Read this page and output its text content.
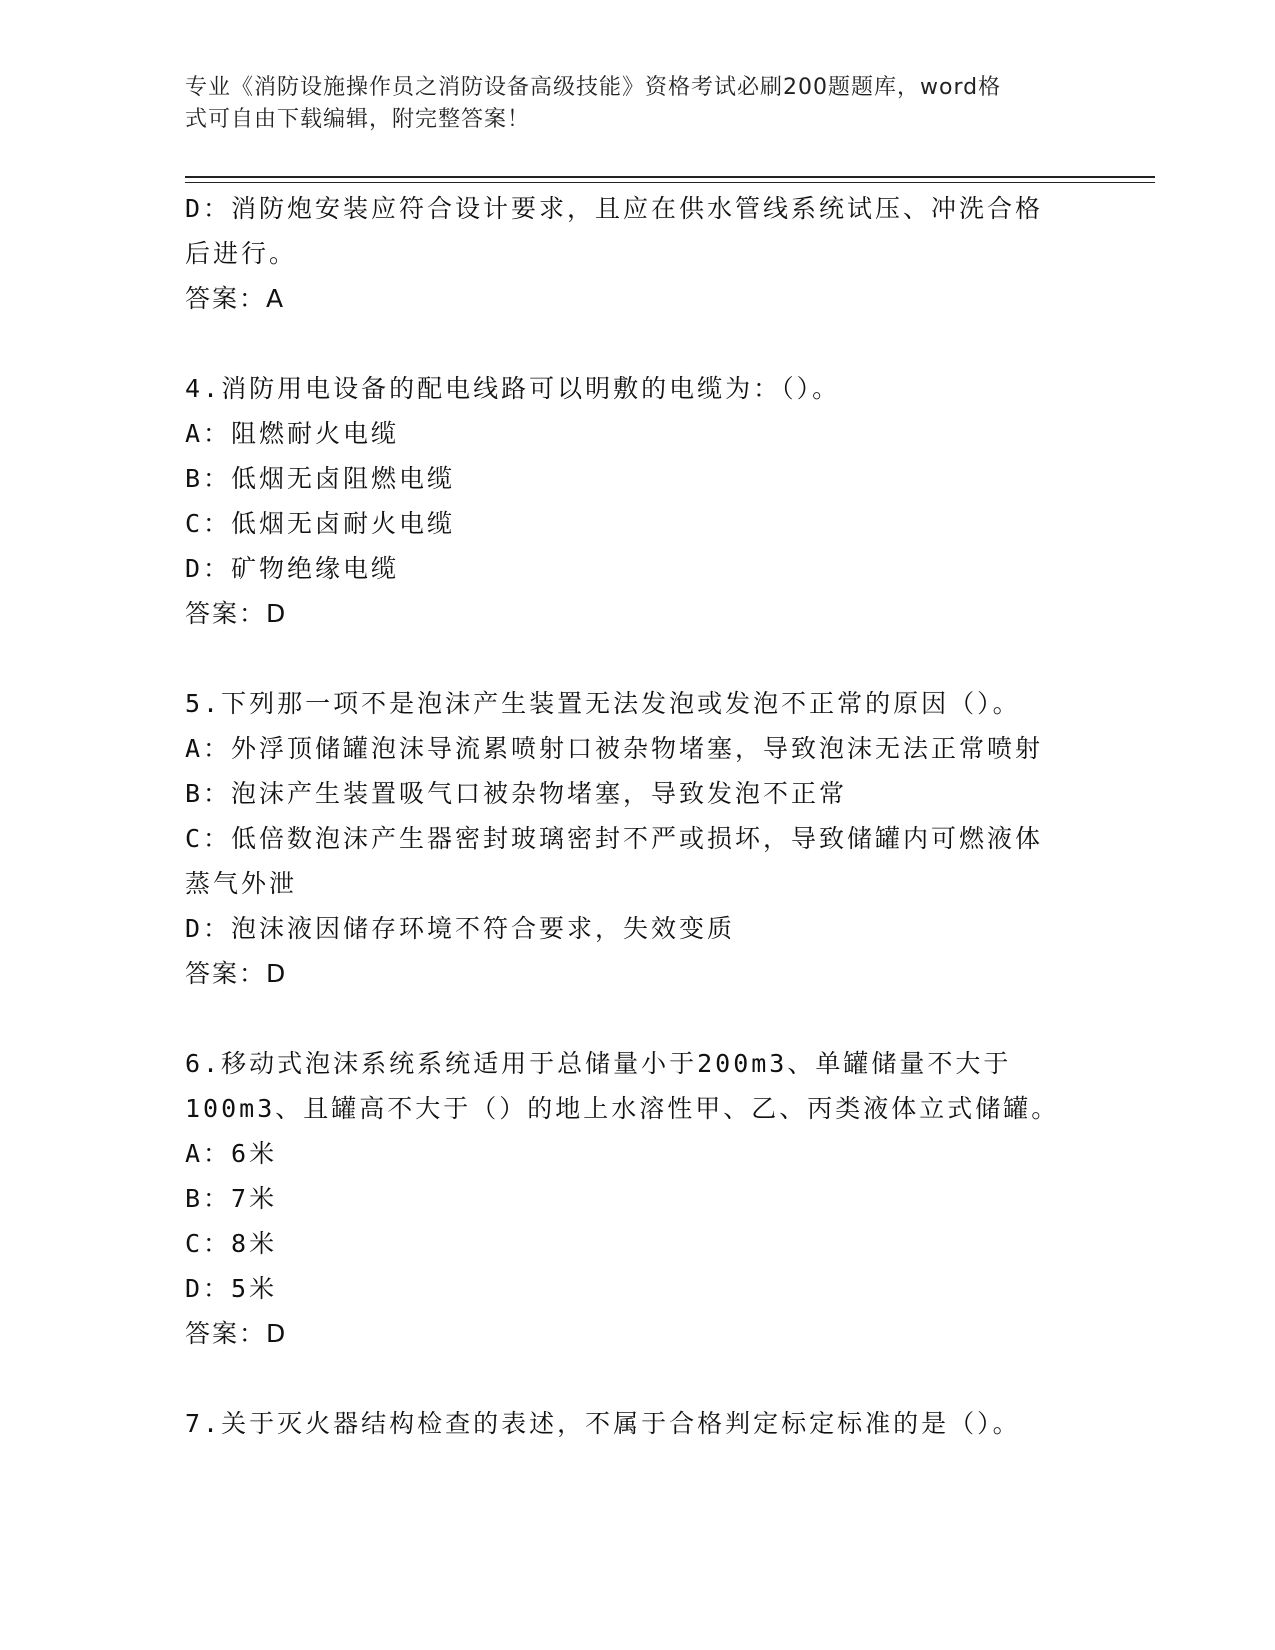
专业《消防设施操作员之消防设备高级技能》资格考试必刷200题题库，word格
式可自由下载编辑，附完整答案！
D：消防炮安装应符合设计要求，且应在供水管线系统试压、冲洗合格
后进行。
答案：A
4.消防用电设备的配电线路可以明敷的电缆为：（）。
A：阻燃耐火电缆
B：低烟无卤阻燃电缆
C：低烟无卤耐火电缆
D：矿物绝缘电缆
答案：D
5.下列那一项不是泡沫产生装置无法发泡或发泡不正常的原因（）。
A：外浮顶储罐泡沫导流累喷射口被杂物堵塞，导致泡沫无法正常喷射
B：泡沫产生装置吸气口被杂物堵塞，导致发泡不正常
C：低倍数泡沫产生器密封玻璃密封不严或损坏，导致储罐内可燃液体
蒸气外泄
D：泡沫液因储存环境不符合要求，失效变质
答案：D
6.移动式泡沫系统系统适用于总储量小于200m3、单罐储量不大于
100m3、且罐高不大于（）的地上水溶性甲、乙、丙类液体立式储罐。
A：6米
B：7米
C：8米
D：5米
答案：D
7.关于灭火器结构检查的表述，不属于合格判定标定标准的是（）。
